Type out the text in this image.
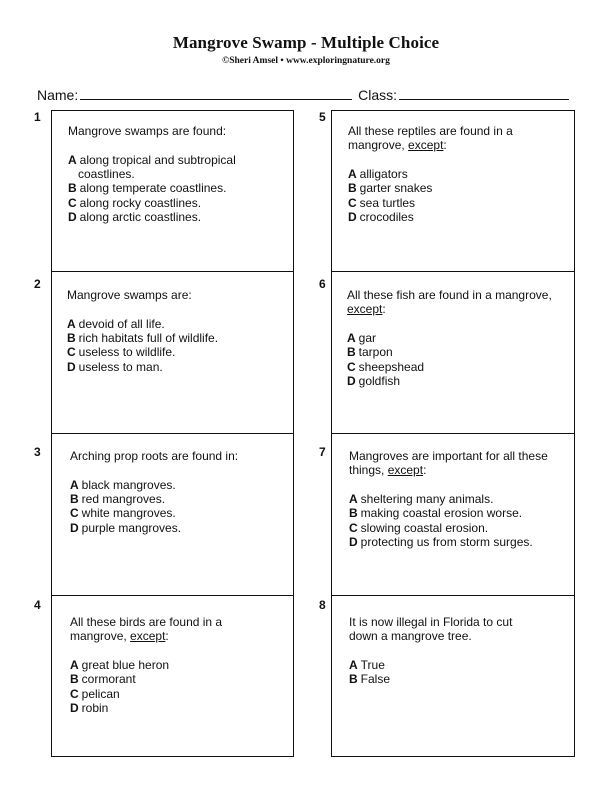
Mangrove Swamp - Multiple Choice
©Sheri Amsel • www.exploringnature.org
Name:	Class:
1

Mangrove swamps are found:

A along tropical and subtropical

coastlines.

B along temperate coastlines.

C along rocky coastlines.

D along arctic coastlines.

2

Mangrove swamps are:

A devoid of all life.

B rich habitats full of wildlife.

C useless to wildlife.

D useless to man.

3 Arching prop roots are found in:

A black mangroves.

B red mangroves.

C white mangroves.

D purple mangroves.

4

All these birds are found in a
mangrove, except:

A great blue heron

B cormorant

C pelican

D robin

5

All these reptiles are found in a
mangrove, except:

A alligators

B garter snakes

C sea turtles

D crocodiles

6

All these fish are found in a mangrove,
except:

A gar

B tarpon

C sheepshead

D goldfish

7 Mangroves are important for all these
things, except:

A sheltering many animals.

B making coastal erosion worse.

C slowing coastal erosion.

D protecting us from storm surges.

8

It is now illegal in Florida to cut
down a mangrove tree.

A True

B False
